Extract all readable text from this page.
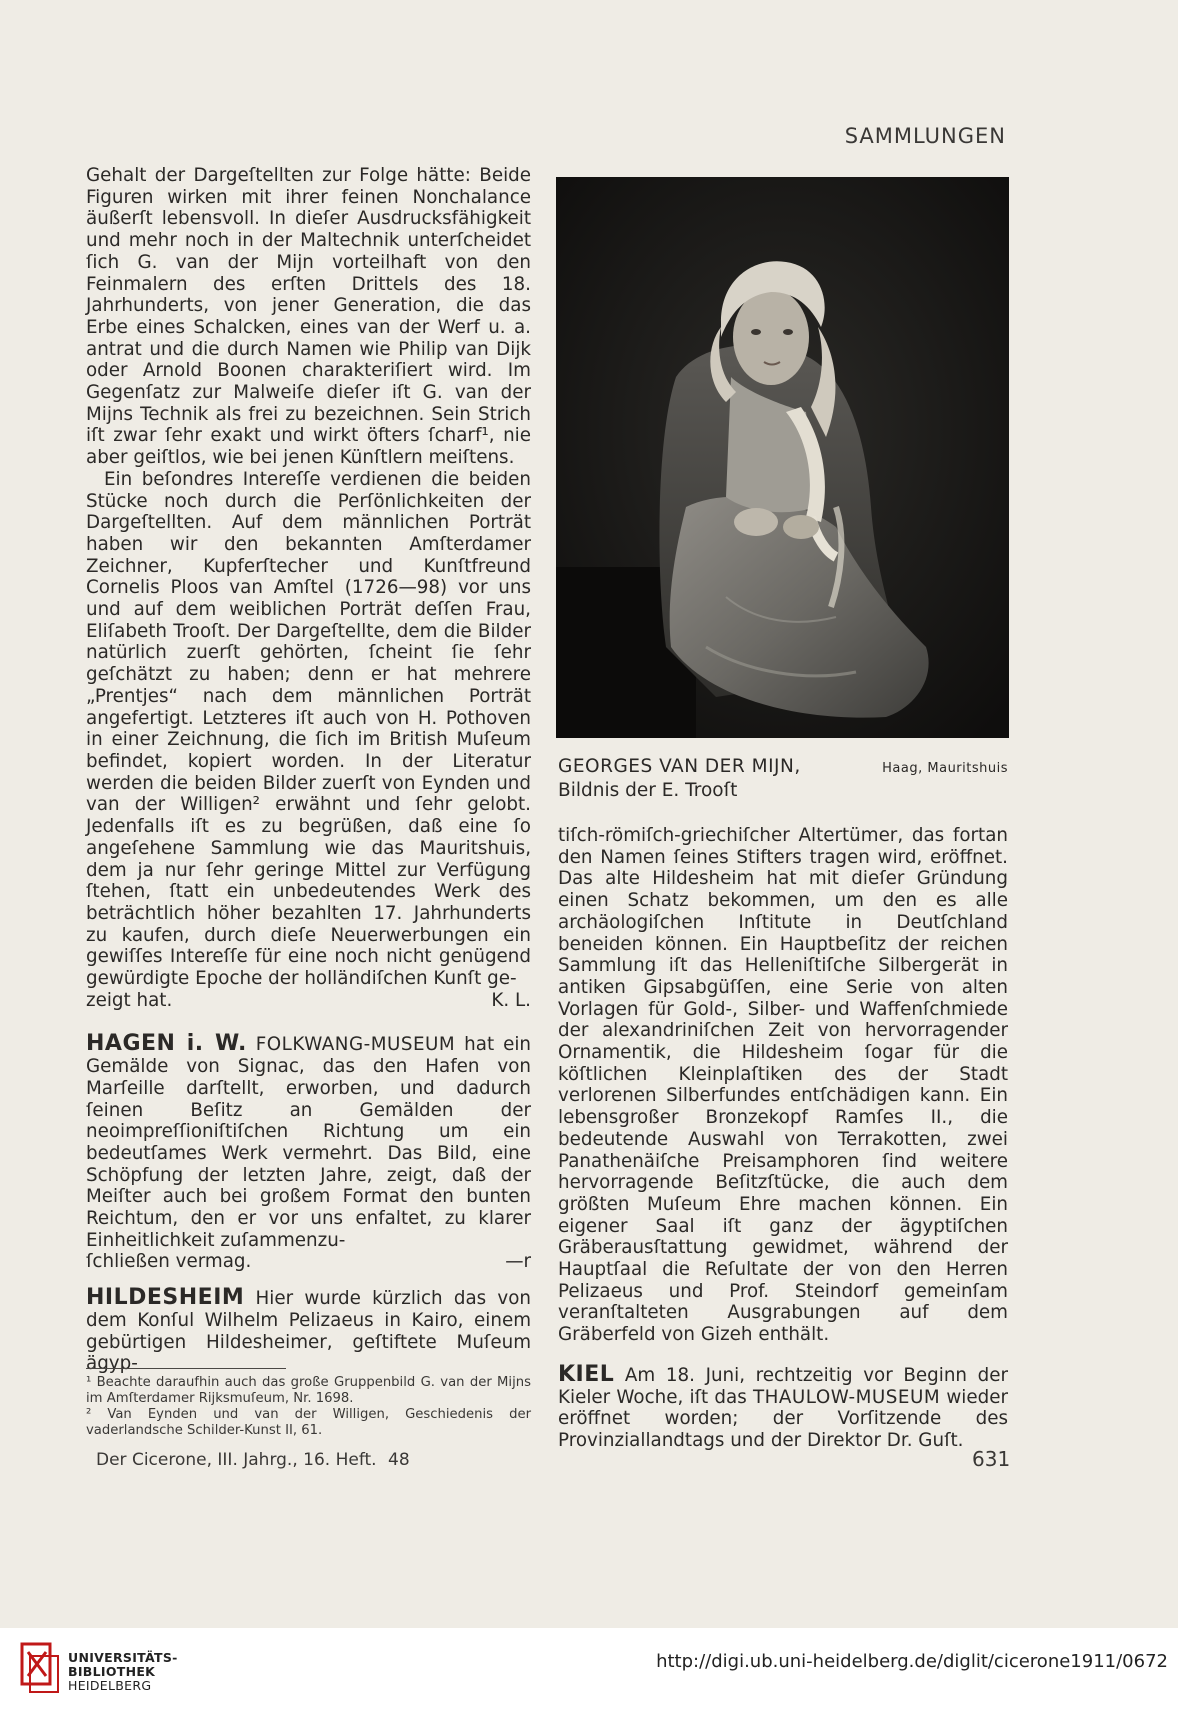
SAMMLUNGEN

Gehalt der Dargeſtellten zur Folge hätte: Beide Figuren wirken mit ihrer feinen Nonchalance äußerſt lebensvoll. In dieſer Ausdrucksfähigkeit und mehr noch in der Maltechnik unterſcheidet ſich G. van der Mijn vorteilhaft von den Feinmalern des erſten Drittels des 18. Jahrhunderts, von jener Generation, die das Erbe eines Schalcken, eines van der Werf u. a. antrat und die durch Namen wie Philip van Dijk oder Arnold Boonen charakteriſiert wird. Im Gegenſatz zur Malweiſe dieſer iſt G. van der Mijns Technik als frei zu bezeichnen. Sein Strich iſt zwar ſehr exakt und wirkt öfters ſcharf¹, nie aber geiſtlos, wie bei jenen Künſtlern meiſtens.

Ein beſondres Intereſſe verdienen die beiden Stücke noch durch die Perſönlichkeiten der Dargeſtellten. Auf dem männlichen Porträt haben wir den bekannten Amſterdamer Zeichner, Kupferſtecher und Kunſtfreund Cornelis Ploos van Amſtel (1726—98) vor uns und auf dem weiblichen Porträt deſſen Frau, Eliſabeth Trooſt. Der Dargeſtellte, dem die Bilder natürlich zuerſt gehörten, ſcheint ſie ſehr geſchätzt zu haben; denn er hat mehrere „Prentjes“ nach dem männlichen Porträt angefertigt. Letzteres iſt auch von H. Pothoven in einer Zeichnung, die ſich im British Muſeum befindet, kopiert worden. In der Literatur werden die beiden Bilder zuerſt von Eynden und van der Willigen² erwähnt und ſehr gelobt. Jedenfalls iſt es zu begrüßen, daß eine ſo angeſehene Sammlung wie das Mauritshuis, dem ja nur ſehr geringe Mittel zur Verfügung ſtehen, ſtatt ein unbedeutendes Werk des beträchtlich höher bezahlten 17. Jahrhunderts zu kaufen, durch dieſe Neuerwerbungen ein gewiſſes Intereſſe für eine noch nicht genügend gewürdigte Epoche der holländiſchen Kunſt ge-

zeigt hat.	K. L.

HAGEN i. W. FOLKWANG-MUSEUM hat ein Gemälde von Signac, das den Hafen von Marſeille darſtellt, erworben, und dadurch ſeinen Beſitz an Gemälden der neoimpreſſioniſtiſchen Richtung um ein bedeutſames Werk vermehrt. Das Bild, eine Schöpfung der letzten Jahre, zeigt, daß der Meiſter auch bei großem Format den bunten Reichtum, den er vor uns enfaltet, zu klarer Einheitlichkeit zuſammenzu-

ſchließen vermag.	—r

HILDESHEIM Hier wurde kürzlich das von dem Konſul Wilhelm Pelizaeus in Kairo, einem gebürtigen Hildesheimer, geſtiftete Muſeum ägyp-

¹ Beachte daraufhin auch das große Gruppenbild G. van der Mijns im Amſterdamer Rijksmuſeum, Nr. 1698.

² Van Eynden und van der Willigen, Geschiedenis der vaderlandsche Schilder-Kunst II, 61.

GEORGES VAN DER MIJN,	Haag, Mauritshuis
Bildnis der E. Trooſt

tiſch-römiſch-griechiſcher Altertümer, das fortan den Namen ſeines Stifters tragen wird, eröffnet. Das alte Hildesheim hat mit dieſer Gründung einen Schatz bekommen, um den es alle archäologiſchen Inſtitute in Deutſchland beneiden können. Ein Hauptbeſitz der reichen Sammlung iſt das Helleniſtiſche Silbergerät in antiken Gipsabgüſſen, eine Serie von alten Vorlagen für Gold-, Silber- und Waffenſchmiede der alexandriniſchen Zeit von hervorragender Ornamentik, die Hildesheim ſogar für die köſtlichen Kleinplaſtiken des der Stadt verlorenen Silberfundes entſchädigen kann. Ein lebensgroßer Bronzekopf Ramſes II., die bedeutende Auswahl von Terrakotten, zwei Panathenäiſche Preisamphoren ſind weitere hervorragende Beſitzſtücke, die auch dem größten Muſeum Ehre machen können. Ein eigener Saal iſt ganz der ägyptiſchen Gräberausſtattung gewidmet, während der Hauptſaal die Reſultate der von den Herren Pelizaeus und Prof. Steindorf gemeinſam veranſtalteten Ausgrabungen auf dem Gräberfeld von Gizeh enthält.

KIEL Am 18. Juni, rechtzeitig vor Beginn der Kieler Woche, iſt das THAULOW-MUSEUM wieder eröffnet worden; der Vorſitzende des Provinziallandtags und der Direktor Dr. Guſt.

Der Cicerone, III. Jahrg., 16. Heft. 48	631
UNIVERSITÄTS-
BIBLIOTHEK
HEIDELBERG
http://digi.ub.uni-heidelberg.de/diglit/cicerone1911/0672
